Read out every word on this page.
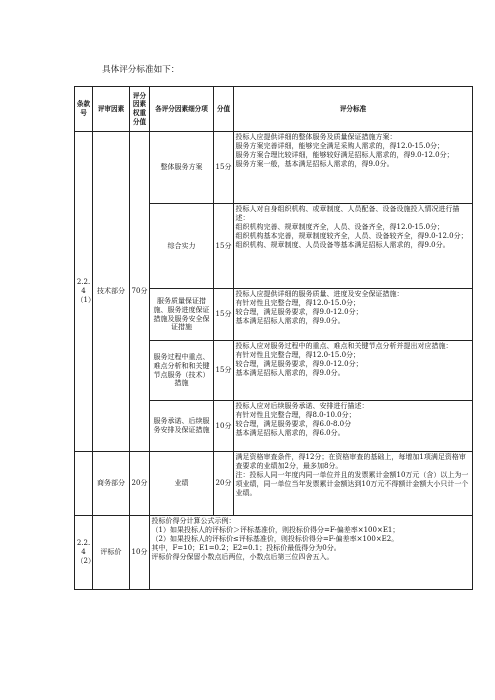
具体评分标准如下：
条款号	评审因素	评分因素权重分值	各评分因素细分项	分值	评分标准
2.2.4（1）	技术部分	70分	整体服务方案	15分	投标人应提供详细的整体服务及质量保证措施方案：
服务方案完善详细，能够完全满足采购人需求的，得12.0-15.0分；
服务方案合理比较详细，能够较好满足招标人需求的，得9.0-12.0分；
服务方案一般，基本满足招标人需求的，得9.0分。

			综合实力	15分	投标人对自身组织机构、或章制度、人员配备、设备设施投入情况进行描述：
组织机构完善、规章制度齐全，人员、设备齐全，得12.0-15.0分；
组织机构基本完善，规章制度较齐全，人员、设备较齐全，得9.0-12.0分；
组织机构、规章制度、人员设备等基本满足招标人需求的，得9.0分。

			服务质量保证措施、服务进度保证措施及服务安全保证措施	15分	投标人应提供详细的服务质量、进度及安全保证措施：
有针对性且完整合理，得12.0-15.0分；
较合理，满足服务要求，得9.0-12.0分；
基本满足招标人需求的，得9.0分。

			服务过程中重点、难点分析和和关键节点服务（技术）措施	15分	投标人应对服务过程中的重点、难点和关键节点分析并提出对应措施：
有针对性且完整合理，得12.0-15.0分；
较合理，满足服务要求，得9.0-12.0分；
基本满足招标人需求的，得9.0分。

			服务承诺、后续服务安排及保证措施	10分	投标人应对后续服务承诺、安排进行描述：
有针对性且完整合理，得8.0-10.0分；
较合理，满足服务要求，得6.0-8.0分
基本满足招标人需求的，得6.0分。

	商务部分	20分	业绩	20分	满足资格审查条件，得12分；在资格审查的基础上，每增加1项满足资格审查要求的业绩加2分，最多加8分。
注：投标人同一年度内同一单位并且的发票累计金额10万元（含）以上为一项业绩，同一单位当年发票累计金额达到10万元不得额计金额大小只计一个业绩。

2.2.4（2）	评标价	10分	投标价得分计算公式示例：
（1）如果投标人的评标价＞评标基准价，则投标价得分=F-偏差率×100×E1；
（2）如果投标人的评标价≤评标基准价，则投标价得分=F-偏差率×100×E2。
其中，F=10；E1=0.2；E2=0.1；投标价最低得分为0分。
评标价得分保留小数点后两位，小数点后第三位四舍五入。		
